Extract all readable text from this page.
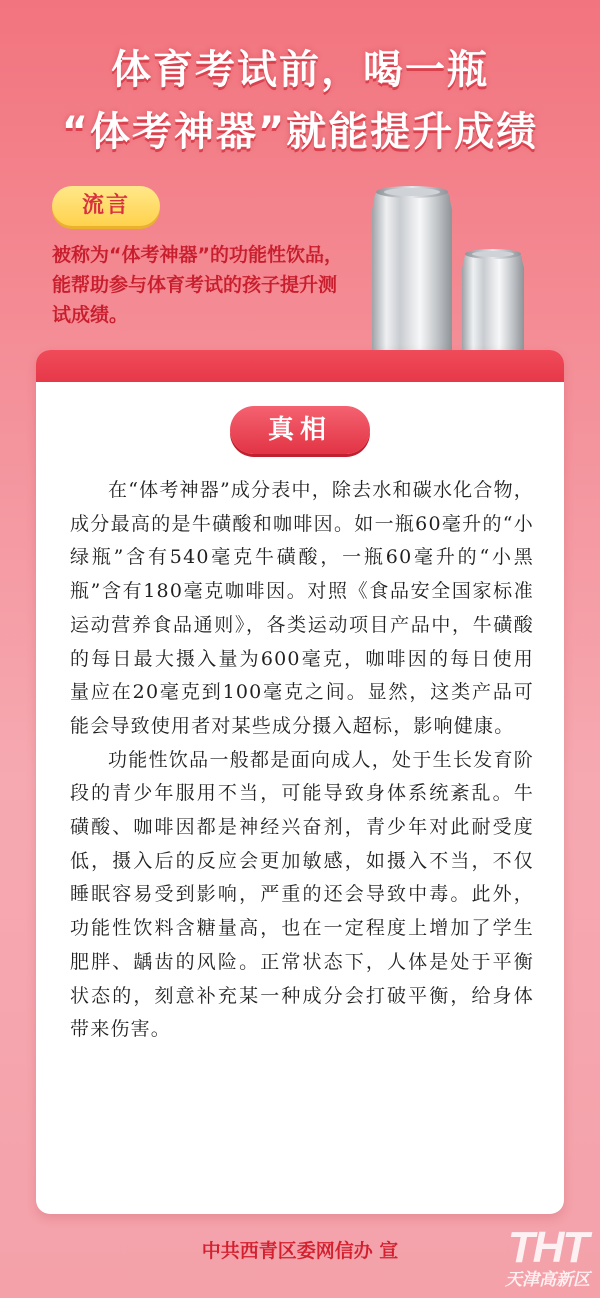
体育考试前，喝一瓶
“体考神器”就能提升成绩
流言
被称为“体考神器”的功能性饮品，能帮助参与体育考试的孩子提升测试成绩。
真相

在“体考神器”成分表中，除去水和碳水化合物，成分最高的是牛磺酸和咖啡因。如一瓶60毫升的“小绿瓶”含有540毫克牛磺酸，一瓶60毫升的“小黑瓶”含有180毫克咖啡因。对照《食品安全国家标准运动营养食品通则》，各类运动项目产品中，牛磺酸的每日最大摄入量为600毫克，咖啡因的每日使用量应在20毫克到100毫克之间。显然，这类产品可能会导致使用者对某些成分摄入超标，影响健康。

功能性饮品一般都是面向成人，处于生长发育阶段的青少年服用不当，可能导致身体系统紊乱。牛磺酸、咖啡因都是神经兴奋剂，青少年对此耐受度低，摄入后的反应会更加敏感，如摄入不当，不仅睡眠容易受到影响，严重的还会导致中毒。此外，功能性饮料含糖量高，也在一定程度上增加了学生肥胖、龋齿的风险。正常状态下，人体是处于平衡状态的，刻意补充某一种成分会打破平衡，给身体带来伤害。

中共西青区委网信办 宣	THT
天津高新区
